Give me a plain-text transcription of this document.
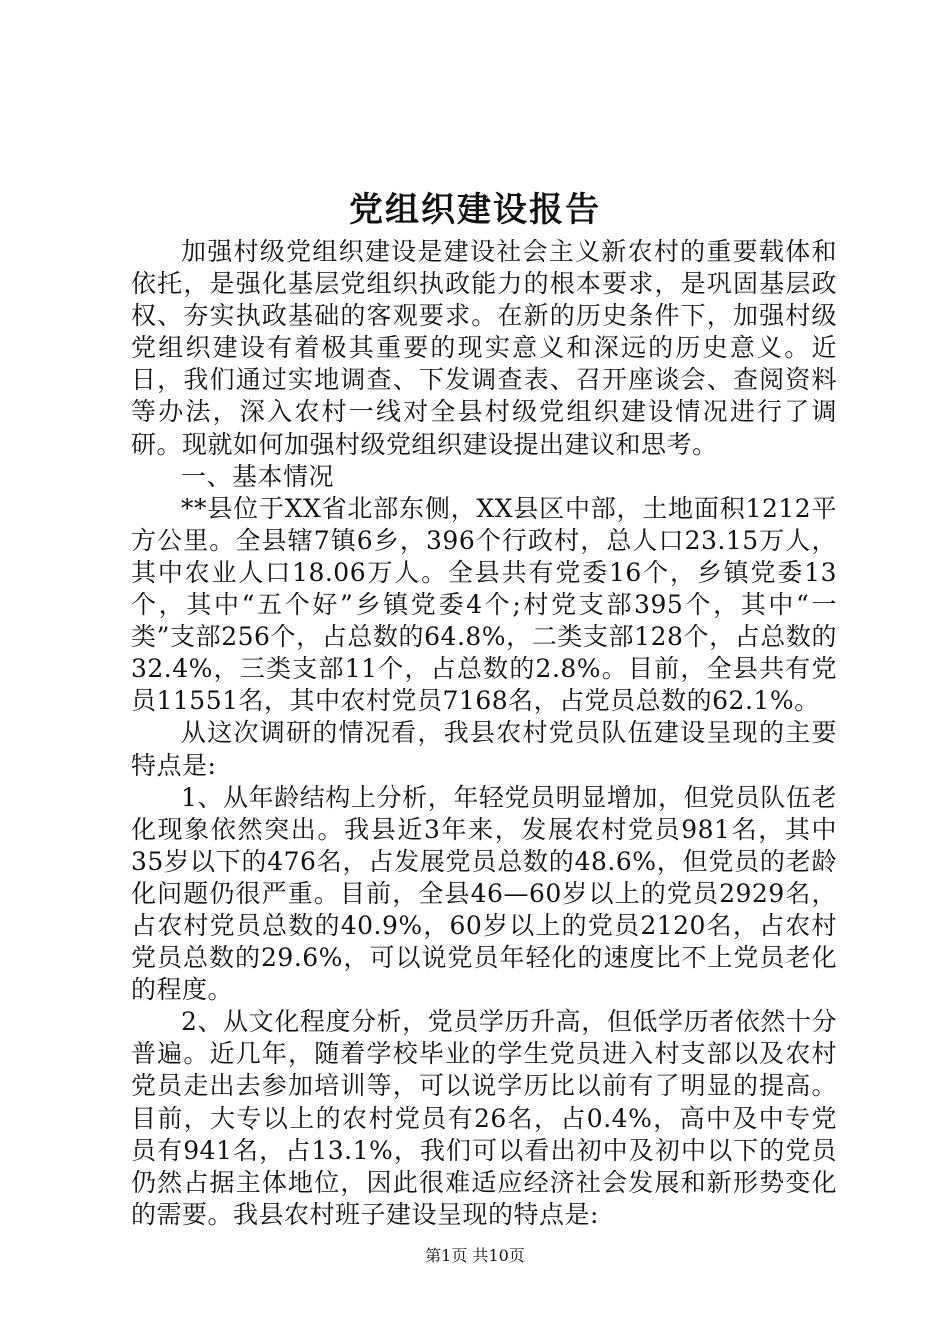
党组织建设报告

加强村级党组织建设是建设社会主义新农村的重要载体和依托，是强化基层党组织执政能力的根本要求，是巩固基层政权、夯实执政基础的客观要求。在新的历史条件下，加强村级党组织建设有着极其重要的现实意义和深远的历史意义。近日，我们通过实地调查、下发调查表、召开座谈会、查阅资料等办法，深入农村一线对全县村级党组织建设情况进行了调研。现就如何加强村级党组织建设提出建议和思考。

一、基本情况

**县位于XX省北部东侧，XX县区中部，土地面积1212平方公里。全县辖7镇6乡，396个行政村，总人口23.15万人，其中农业人口18.06万人。全县共有党委16个，乡镇党委13个，其中“五个好”乡镇党委4个;村党支部395个，其中“一类”支部256个，占总数的64.8%，二类支部128个，占总数的32.4%，三类支部11个，占总数的2.8%。目前，全县共有党员11551名，其中农村党员7168名，占党员总数的62.1%。

从这次调研的情况看，我县农村党员队伍建设呈现的主要特点是:

1、从年龄结构上分析，年轻党员明显增加，但党员队伍老化现象依然突出。我县近3年来，发展农村党员981名，其中35岁以下的476名，占发展党员总数的48.6%，但党员的老龄化问题仍很严重。目前，全县46—60岁以上的党员2929名，占农村党员总数的40.9%，60岁以上的党员2120名，占农村党员总数的29.6%，可以说党员年轻化的速度比不上党员老化的程度。

2、从文化程度分析，党员学历升高，但低学历者依然十分普遍。近几年，随着学校毕业的学生党员进入村支部以及农村党员走出去参加培训等，可以说学历比以前有了明显的提高。目前，大专以上的农村党员有26名，占0.4%，高中及中专党员有941名，占13.1%，我们可以看出初中及初中以下的党员仍然占据主体地位，因此很难适应经济社会发展和新形势变化的需要。我县农村班子建设呈现的特点是:

第1页 共10页
